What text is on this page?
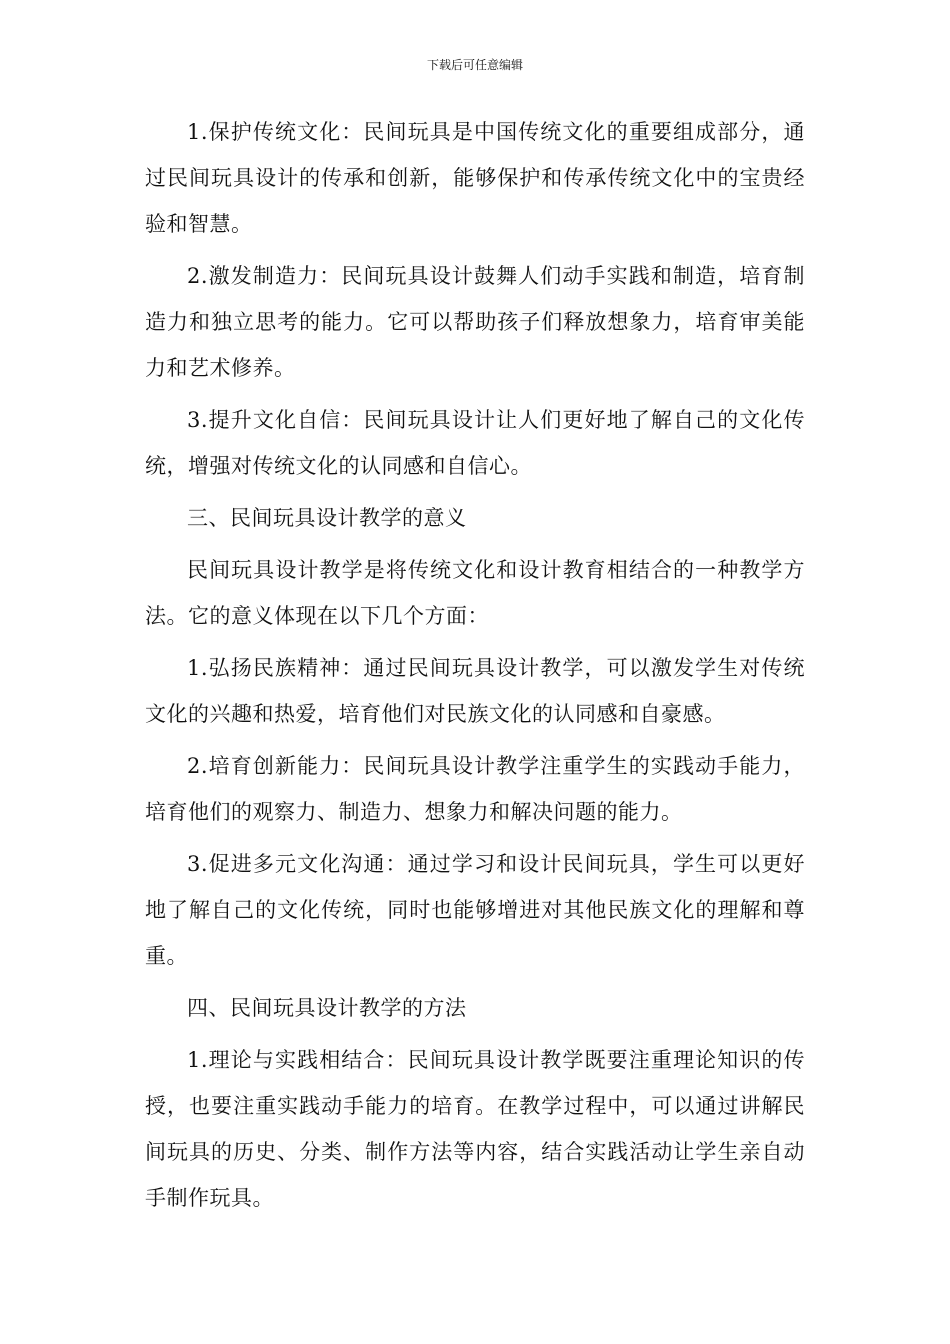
下载后可任意编辑

1.保护传统文化：民间玩具是中国传统文化的重要组成部分，通过民间玩具设计的传承和创新，能够保护和传承传统文化中的宝贵经验和智慧。

2.激发制造力：民间玩具设计鼓舞人们动手实践和制造，培育制造力和独立思考的能力。它可以帮助孩子们释放想象力，培育审美能力和艺术修养。

3.提升文化自信：民间玩具设计让人们更好地了解自己的文化传统，增强对传统文化的认同感和自信心。

三、民间玩具设计教学的意义

民间玩具设计教学是将传统文化和设计教育相结合的一种教学方法。它的意义体现在以下几个方面：

1.弘扬民族精神：通过民间玩具设计教学，可以激发学生对传统文化的兴趣和热爱，培育他们对民族文化的认同感和自豪感。

2.培育创新能力：民间玩具设计教学注重学生的实践动手能力，培育他们的观察力、制造力、想象力和解决问题的能力。

3.促进多元文化沟通：通过学习和设计民间玩具，学生可以更好地了解自己的文化传统，同时也能够增进对其他民族文化的理解和尊重。

四、民间玩具设计教学的方法

1.理论与实践相结合：民间玩具设计教学既要注重理论知识的传授，也要注重实践动手能力的培育。在教学过程中，可以通过讲解民间玩具的历史、分类、制作方法等内容，结合实践活动让学生亲自动手制作玩具。
